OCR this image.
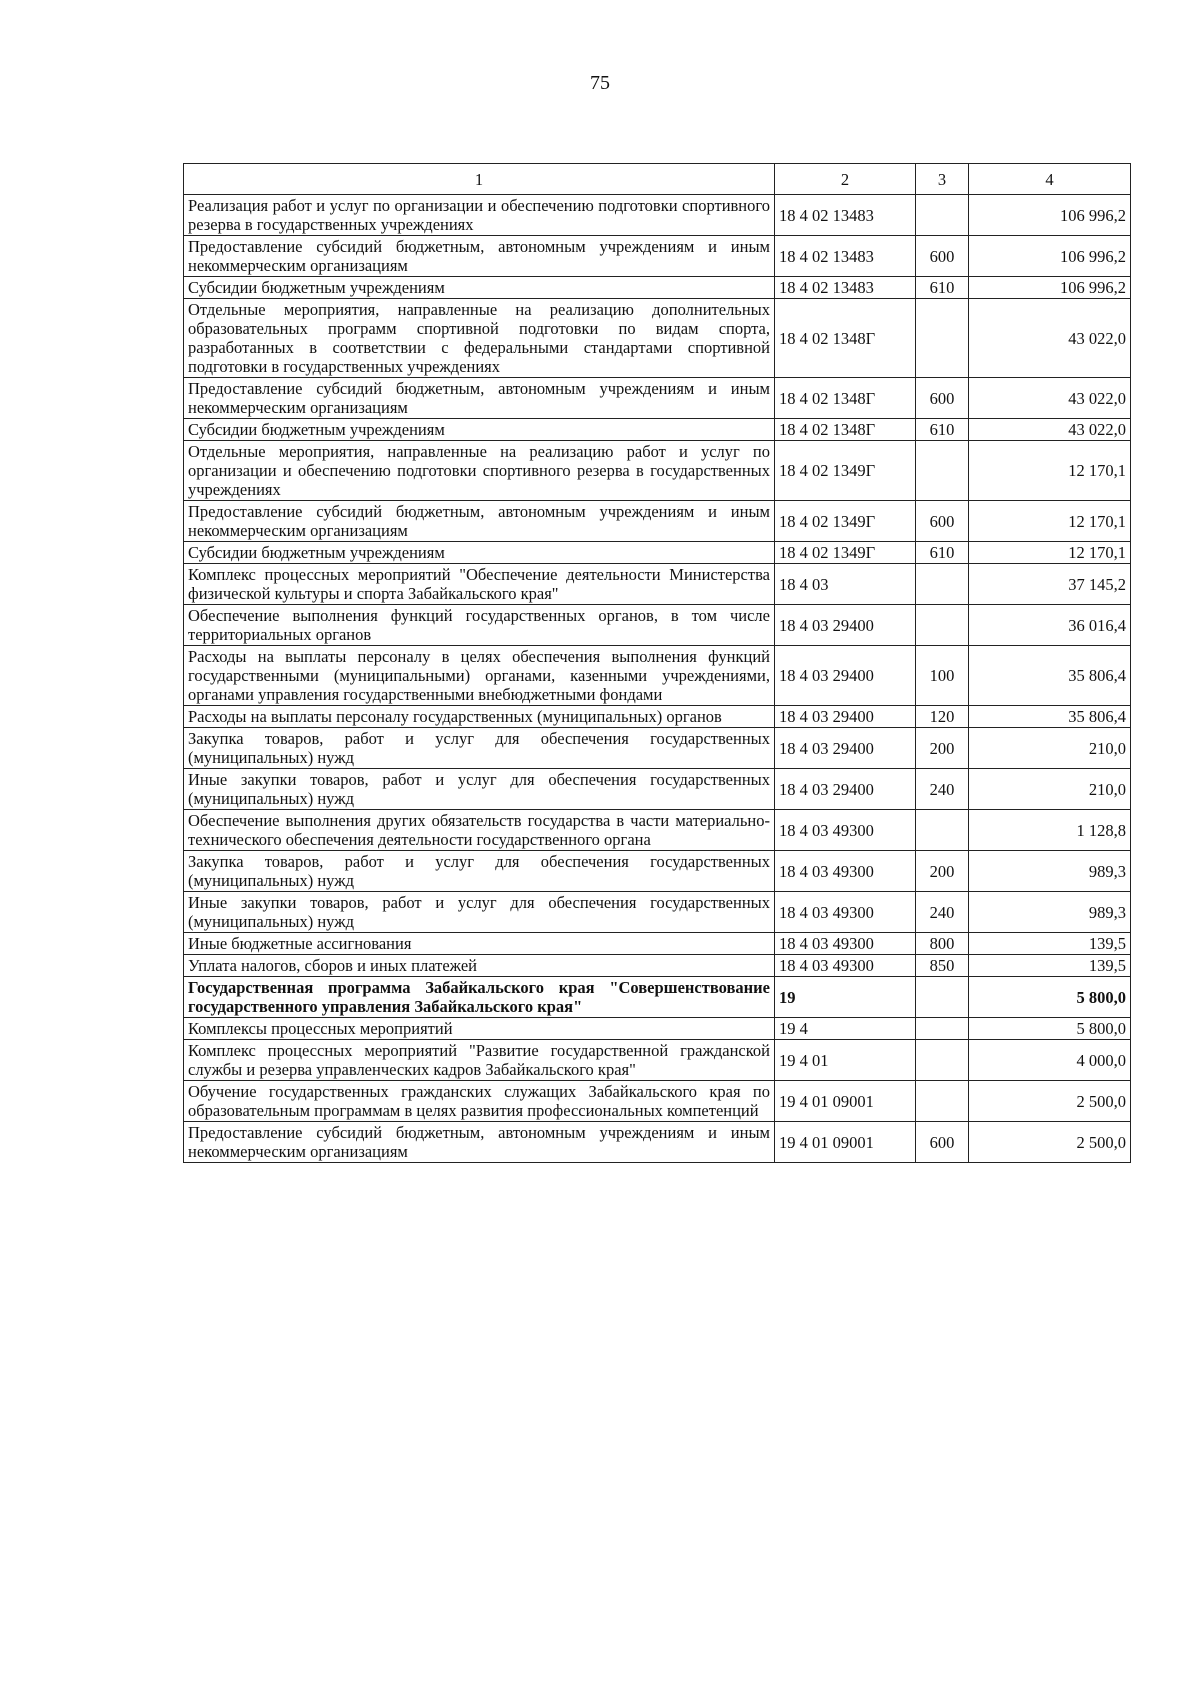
75
1	2	3	4
Реализация работ и услуг по организации и обеспечению подготовки спортивного резерва в государственных учреждениях	18 4 02 13483		106 996,2
Предоставление субсидий бюджетным, автономным учреждениям и иным некоммерческим организациям	18 4 02 13483	600	106 996,2
Субсидии бюджетным учреждениям	18 4 02 13483	610	106 996,2
Отдельные мероприятия, направленные на реализацию дополнительных образовательных программ спортивной подготовки по видам спорта, разработанных в соответствии с федеральными стандартами спортивной подготовки в государственных учреждениях	18 4 02 1348Г		43 022,0
Предоставление субсидий бюджетным, автономным учреждениям и иным некоммерческим организациям	18 4 02 1348Г	600	43 022,0
Субсидии бюджетным учреждениям	18 4 02 1348Г	610	43 022,0
Отдельные мероприятия, направленные на реализацию работ и услуг по организации и обеспечению подготовки спортивного резерва в государственных учреждениях	18 4 02 1349Г		12 170,1
Предоставление субсидий бюджетным, автономным учреждениям и иным некоммерческим организациям	18 4 02 1349Г	600	12 170,1
Субсидии бюджетным учреждениям	18 4 02 1349Г	610	12 170,1
Комплекс процессных мероприятий "Обеспечение деятельности Министерства физической культуры и спорта Забайкальского края"	18 4 03		37 145,2
Обеспечение выполнения функций государственных органов, в том числе территориальных органов	18 4 03 29400		36 016,4
Расходы на выплаты персоналу в целях обеспечения выполнения функций государственными (муниципальными) органами, казенными учреждениями, органами управления государственными внебюджетными фондами	18 4 03 29400	100	35 806,4
Расходы на выплаты персоналу государственных (муниципальных) органов	18 4 03 29400	120	35 806,4
Закупка товаров, работ и услуг для обеспечения государственных (муниципальных) нужд	18 4 03 29400	200	210,0
Иные закупки товаров, работ и услуг для обеспечения государственных (муниципальных) нужд	18 4 03 29400	240	210,0
Обеспечение выполнения других обязательств государства в части материально-технического обеспечения деятельности государственного органа	18 4 03 49300		1 128,8
Закупка товаров, работ и услуг для обеспечения государственных (муниципальных) нужд	18 4 03 49300	200	989,3
Иные закупки товаров, работ и услуг для обеспечения государственных (муниципальных) нужд	18 4 03 49300	240	989,3
Иные бюджетные ассигнования	18 4 03 49300	800	139,5
Уплата налогов, сборов и иных платежей	18 4 03 49300	850	139,5
Государственная программа Забайкальского края "Совершенствование государственного управления Забайкальского края"	19		5 800,0
Комплексы процессных мероприятий	19 4		5 800,0
Комплекс процессных мероприятий "Развитие государственной гражданской службы и резерва управленческих кадров Забайкальского края"	19 4 01		4 000,0
Обучение государственных гражданских служащих Забайкальского края по образовательным программам в целях развития профессиональных компетенций	19 4 01 09001		2 500,0
Предоставление субсидий бюджетным, автономным учреждениям и иным некоммерческим организациям	19 4 01 09001	600	2 500,0
